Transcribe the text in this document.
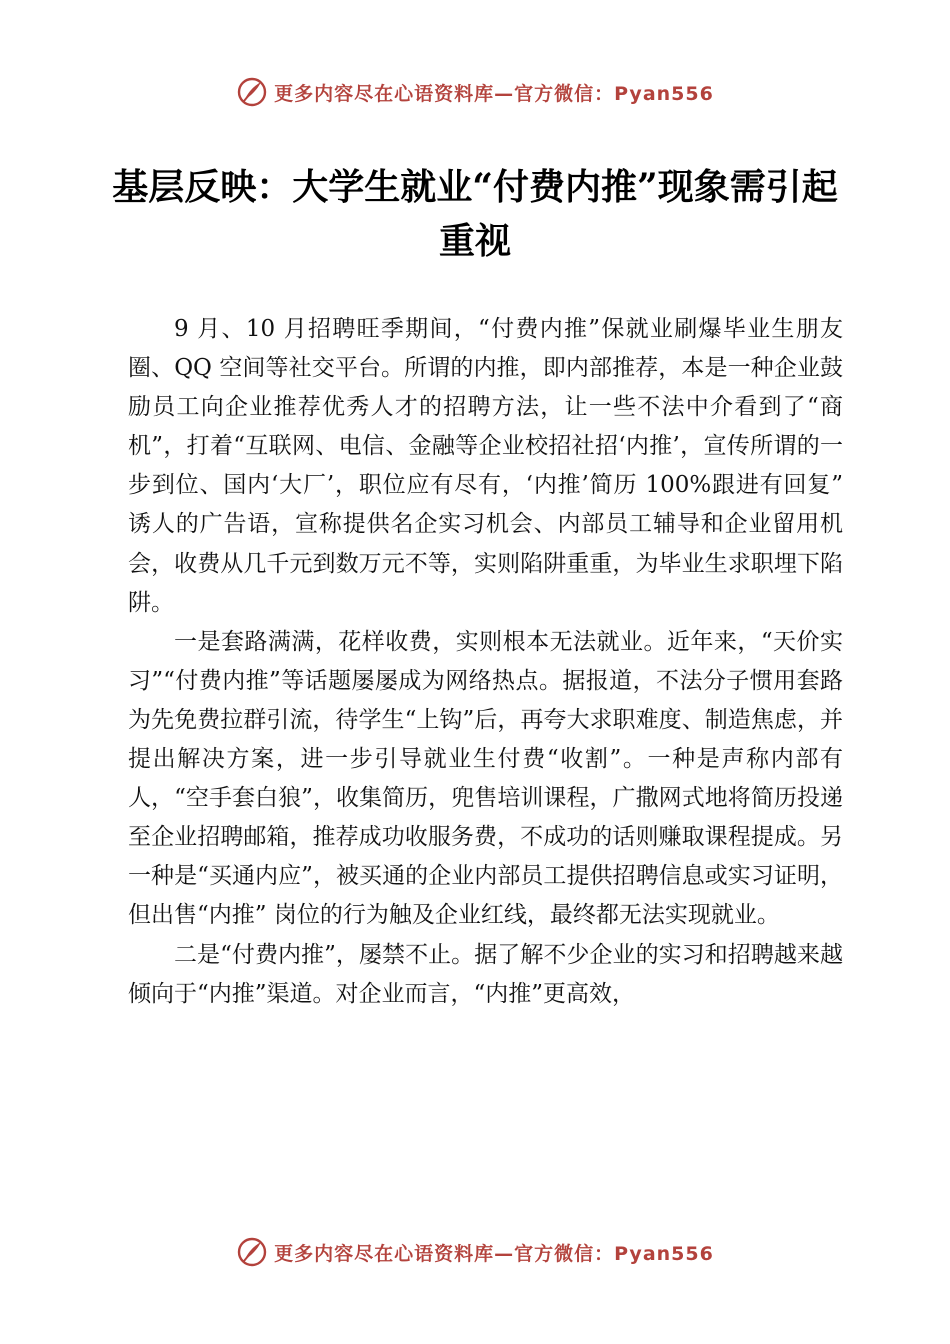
更多内容尽在心语资料库—官方微信：Pyan556
基层反映：大学生就业“付费内推”现象需引起重视

9 月、10 月招聘旺季期间，“付费内推”保就业刷爆毕业生朋友圈、QQ 空间等社交平台。所谓的内推，即内部推荐，本是一种企业鼓励员工向企业推荐优秀人才的招聘方法，让一些不法中介看到了“商机”，打着“互联网、电信、金融等企业校招社招‘内推’，宣传所谓的一步到位、国内‘大厂’，职位应有尽有，‘内推’简历 100%跟进有回复” 诱人的广告语，宣称提供名企实习机会、内部员工辅导和企业留用机会，收费从几千元到数万元不等，实则陷阱重重，为毕业生求职埋下陷阱。

一是套路满满，花样收费，实则根本无法就业。近年来，“天价实习”“付费内推”等话题屡屡成为网络热点。据报道，不法分子惯用套路为先免费拉群引流，待学生“上钩”后，再夸大求职难度、制造焦虑，并提出解决方案，进一步引导就业生付费“收割”。一种是声称内部有人，“空手套白狼”，收集简历，兜售培训课程，广撒网式地将简历投递至企业招聘邮箱，推荐成功收服务费，不成功的话则赚取课程提成。另一种是“买通内应”，被买通的企业内部员工提供招聘信息或实习证明，但出售“内推” 岗位的行为触及企业红线，最终都无法实现就业。

二是“付费内推”，屡禁不止。据了解不少企业的实习和招聘越来越倾向于“内推”渠道。对企业而言，“内推”更高效，

更多内容尽在心语资料库—官方微信：Pyan556
